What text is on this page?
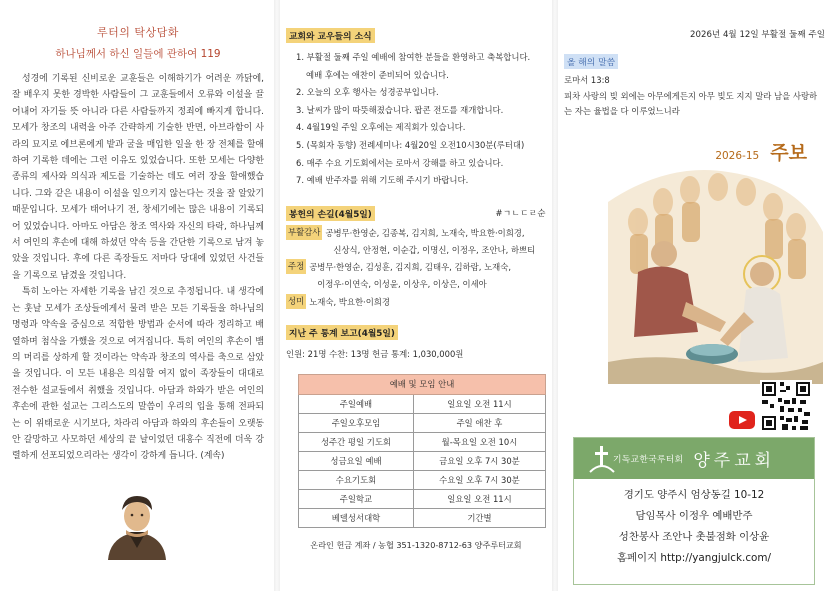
루터의 탁상담화
하나님께서 하신 일들에 관하여 119

성경에 기록된 신비로운 교훈들은 이해하기가 어려운 까닭에, 잘 배우지 못한 경박한 사람들이 그 교훈들에서 오류와 이설을 끌어내어 자기들 뜻 아니라 다른 사람들까지 정죄에 빠지게 합니다. 모세가 창조의 내력을 아주 간략하게 기술한 반면, 아브라함이 사라의 묘지로 에브론에게 밭과 굴을 매입한 일을 한 장 전체를 할애하여 기록한 데에는 그런 이유도 있었습니다. 또한 모세는 다양한 종류의 제사와 의식과 제도를 기술하는 데도 여러 장을 할애했습니다. 그와 같은 내용이 이설을 일으키지 않는다는 것을 잘 알았기 때문입니다. 모세가 태어나기 전, 창세기에는 많은 내용이 기록되어 있었습니다. 아마도 아담은 창조 역사와 자신의 타락, 하나님께서 여인의 후손에 대해 하셨던 약속 등을 간단한 기록으로 남겨 놓았을 것입니다. 후에 다른 족장들도 저마다 당대에 있었던 사건들을 기록으로 남겼을 것입니다.

특히 노아는 자세한 기록을 남긴 것으로 추정됩니다. 내 생각에는 훗날 모세가 조상들에게서 물려 받은 모든 기록들을 하나님의 명령과 약속을 중심으로 적합한 방법과 순서에 따라 정리하고 배열하며 첨삭을 가했을 것으로 여겨집니다. 특히 여인의 후손이 뱀의 머리를 상하게 할 것이라는 약속과 창조의 역사를 축으로 삼았을 것입니다. 이 모든 내용은 의심할 여지 없이 족장들이 대대로 전수한 설교들에서 취했을 것입니다. 아담과 하와가 받은 여인의 후손에 관한 설교는 그리스도의 말씀이 우리의 입을 통해 전파되는 이 위태로운 시기보다, 차라리 아담과 하와의 후손들이 오랫동안 갈망하고 사모하던 세상의 끝 날이었던 대홍수 직전에 더욱 강렬하게 선포되었으리라는 생각이 강하게 듭니다. (계속)

교회와 교우들의 소식
1. 부활절 둘째 주일 예배에 참여한 분들을 환영하고 축복합니다.
예배 후에는 애찬이 준비되어 있습니다.
2. 오늘의 오후 행사는 성경공부입니다.
3. 날씨가 많이 따뜻해졌습니다. 팝콘 전도를 재개합니다.
4. 4월19일 주일 오후에는 제직회가 있습니다.
5. (목회자 동향) 전례세미나: 4월20일 오전10시30분(루터대)
6. 매주 수요 기도회에서는 로마서 강해를 하고 있습니다.
7. 예배 반주자를 위해 기도해 주시기 바랍니다.
봉헌의 손길(4월5일)	#ㄱㄴㄷㄹ순
부활감사 공병무·한영순, 김종복, 김지희, 노재숙, 박요한·이희경,
신상식, 안정현, 이순갑, 이명신, 이정우, 조안나, 하쁘티
주정 공병무·한영순, 김성훈, 김지희, 김태우, 김하람, 노재숙,
이정우·이연숙, 이성윤, 이상우, 이상은, 이세아
성미 노재숙, 박요한·이희경
지난 주 통계 보고(4월5일)
인원: 21명 수찬: 13명 헌금 통계: 1,030,000원
예배 및 모임 안내	
주일예배	일요일 오전 11시
주일오후모임	주일 애찬 후
성주간 평일 기도회	월-목요일 오전 10시
성금요일 예배	금요일 오후 7시 30분
수요기도회	수요일 오후 7시 30분
주일학교	일요일 오전 11시
베델성서대학	기간별
온라인 헌금 계좌 / 농협 351-1320-8712-63 양주루터교회
2026년 4월 12일 부활절 둘째 주일
올 해의 말씀
로마서 13:8
피차 사랑의 빚 외에는 아무에게든지 아무 빚도 지지 말라 남을 사랑하는 자는 율법을 다 이루었느니라
2026-15 주보
기독교한국루터회 양주교회
경기도 양주시 엄상동길 10-12
담임목사 이정우 예배반주
성찬봉사 조안나 촛불점화 이상윤
홈페이지 http://yangjulck.com/
